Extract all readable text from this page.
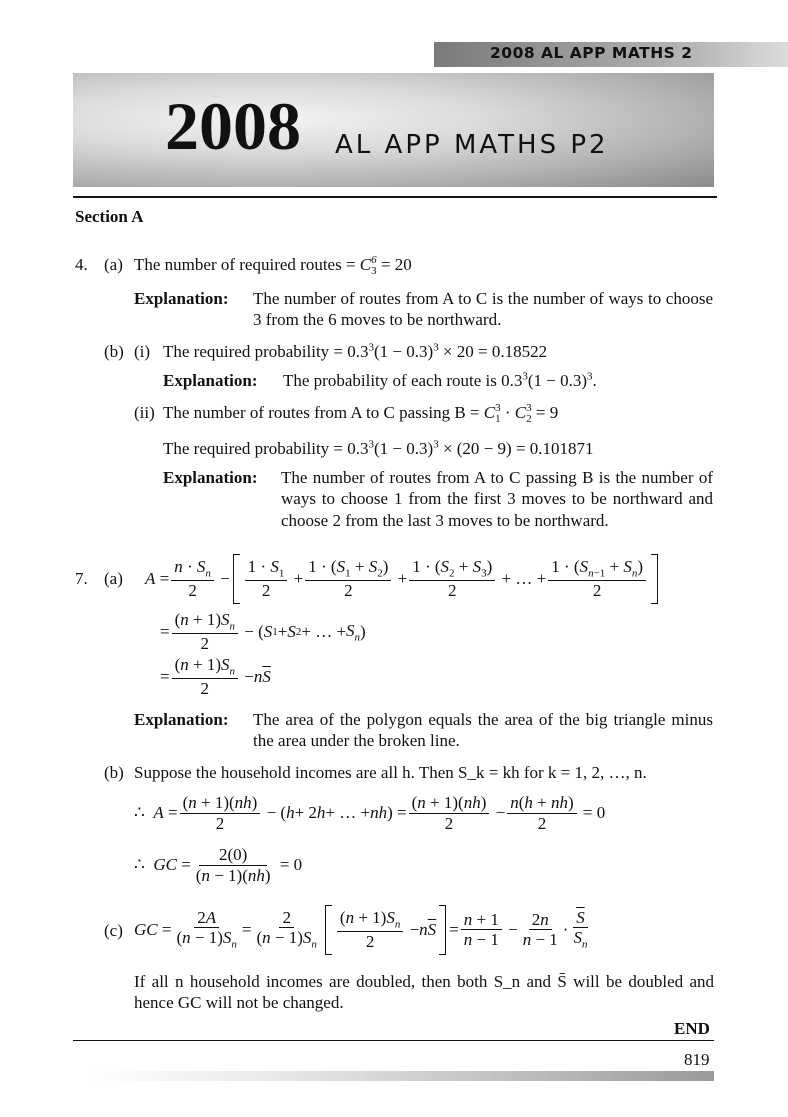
2008 AL APP MATHS 2
2008 AL APP MATHS P2
Section A
4. (a) The number of required routes = C 6
3 = 20
Explanation: The number of routes from A to C is the number of ways to choose 3 from the 6 moves to be northward.
(b) (i) The required probability = $0.3^3(1 - 0.3)^3 \times 20 = 0.18522$
Explanation: The probability of each route is $0.3^3(1 - 0.3)^3$.
(ii) The number of routes from A to C passing B = C 3
1 · C 3
2 = 9
The required probability = $0.3^3(1 - 0.3)^3 \times (20 - 9) = 0.101871$
Explanation: The number of routes from A to C passing B is the number of ways to choose 1 from the first 3 moves to be northward and choose 2 from the last 3 moves to be northward.
7. (a) $A = \frac{n \cdot S_n}{2} - \frac{1 \cdot S_1}{2} + \frac{1 \cdot (S_1 + S_2)}{2} + \frac{1 \cdot (S_2 + S_3)}{2}$ + … + $\frac{1 \cdot (S_{n-1} + S_n)}{2}$
= $\frac{(n + 1)S_n}{2}$ − ( S 1 + S 2 + … + $S_n$ )
= $\frac{(n + 1)S_n}{2} - n$ $\overline{S}$
Explanation: The area of the polygon equals the area of the big triangle minus the area under the broken line.
(b) Suppose the household incomes are all h. Then S_k = kh for k = 1, 2, …, n.
∴ $A = \frac{(n + 1)(nh)}{2}$ − ( h + 2 h + … + nh ) = $\frac{(n + 1)(nh)}{2} - \frac{n(h + nh)}{2} = 0$
∴ GC = $\frac{2(0)}{(n - 1)(nh)} = 0$
(c) GC = $\frac{2A}{(n - 1)S_n} = \frac{2}{(n - 1)S_n} \frac{(n + 1)S_n}{2} - n$ $\overline{S} = \frac{n + 1}{n - 1} - \frac{2n}{n - 1} \cdot \frac{\overline{S}}{S_n}$
If all n household incomes are doubled, then both S_n and S̄ will be doubled and hence GC will not be changed.
END
819
